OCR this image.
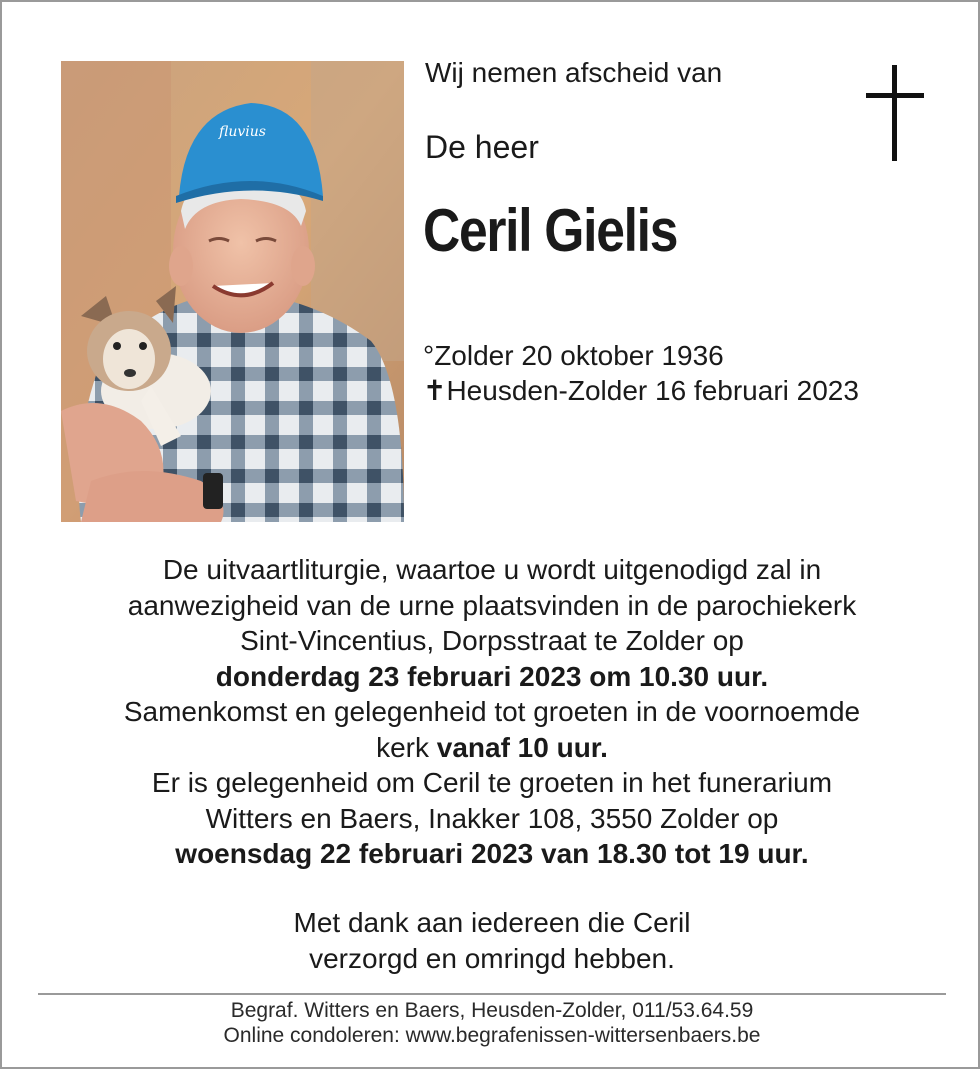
fluvius
Wij nemen afscheid van
De heer
Ceril Gielis
°Zolder 20 oktober 1936
✝Heusden-Zolder 16 februari 2023
De uitvaartliturgie, waartoe u wordt uitgenodigd zal in
aanwezigheid van de urne plaatsvinden in de parochiekerk
Sint-Vincentius, Dorpsstraat te Zolder op
donderdag 23 februari 2023 om 10.30 uur.
Samenkomst en gelegenheid tot groeten in de voornoemde
kerk vanaf 10 uur.
Er is gelegenheid om Ceril te groeten in het funerarium
Witters en Baers, Inakker 108, 3550 Zolder op
woensdag 22 februari 2023 van 18.30 tot 19 uur.
Met dank aan iedereen die Ceril
verzorgd en omringd hebben.
Begraf. Witters en Baers, Heusden-Zolder, 011/53.64.59
Online condoleren: www.begrafenissen-wittersenbaers.be
